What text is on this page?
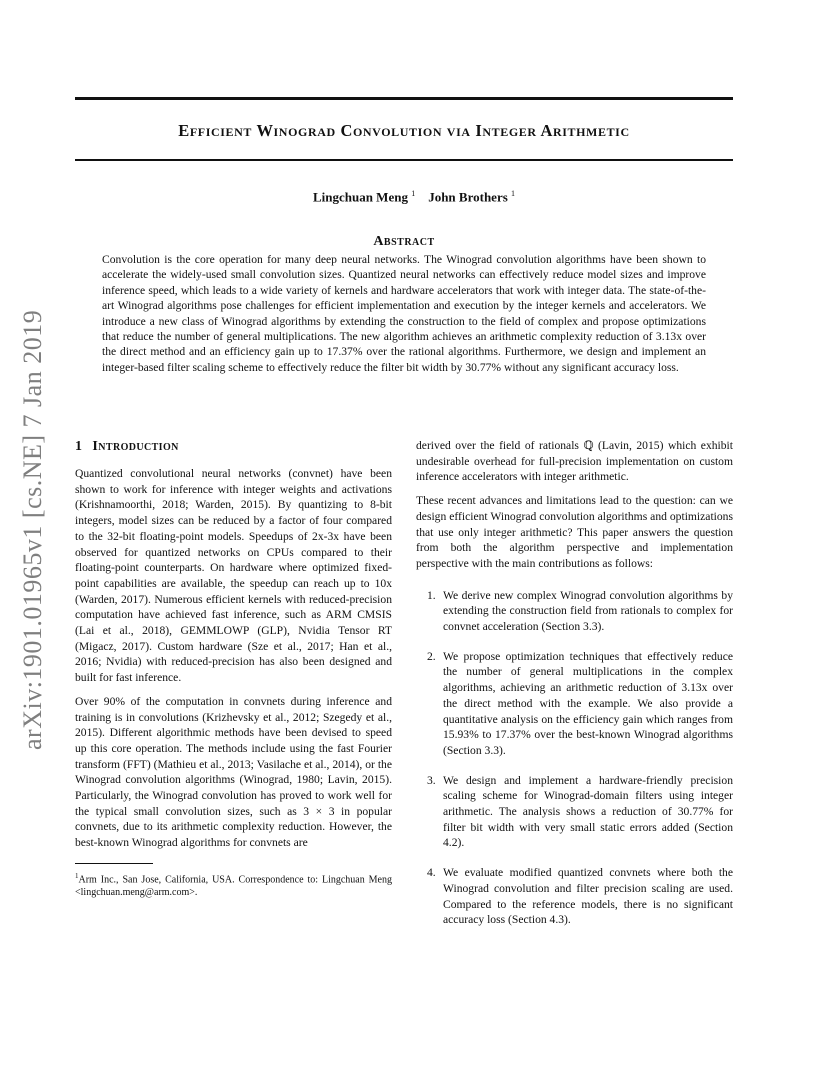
Efficient Winograd Convolution via Integer Arithmetic
Lingchuan Meng $^1$ John Brothers $^1$
Abstract

Convolution is the core operation for many deep neural networks. The Winograd convolution algorithms have been shown to accelerate the widely-used small convolution sizes. Quantized neural networks can effectively reduce model sizes and improve inference speed, which leads to a wide variety of kernels and hardware accelerators that work with integer data. The state-of-the-art Winograd algorithms pose challenges for efficient implementation and execution by the integer kernels and accelerators. We introduce a new class of Winograd algorithms by extending the construction to the field of complex and propose optimizations that reduce the number of general multiplications. The new algorithm achieves an arithmetic complexity reduction of 3.13x over the direct method and an efficiency gain up to 17.37% over the rational algorithms. Furthermore, we design and implement an integer-based filter scaling scheme to effectively reduce the filter bit width by 30.77% without any significant accuracy loss.

arXiv:1901.01965v1 [cs.NE] 7 Jan 2019 1 Introduction

Quantized convolutional neural networks (convnet) have been shown to work for inference with integer weights and activations (Krishnamoorthi, 2018; Warden, 2015). By quantizing to 8-bit integers, model sizes can be reduced by a factor of four compared to the 32-bit floating-point models. Speedups of 2x-3x have been observed for quantized networks on CPUs compared to their floating-point counterparts. On hardware where optimized fixed-point capabilities are available, the speedup can reach up to 10x (Warden, 2017). Numerous efficient kernels with reduced-precision computation have achieved fast inference, such as ARM CMSIS (Lai et al., 2018), GEMMLOWP (GLP), Nvidia Tensor RT (Migacz, 2017). Custom hardware (Sze et al., 2017; Han et al., 2016; Nvidia) with reduced-precision has also been designed and built for fast inference.

Over 90% of the computation in convnets during inference and training is in convolutions (Krizhevsky et al., 2012; Szegedy et al., 2015). Different algorithmic methods have been devised to speed up this core operation. The methods include using the fast Fourier transform (FFT) (Mathieu et al., 2013; Vasilache et al., 2014), or the Winograd convolution algorithms (Winograd, 1980; Lavin, 2015). Particularly, the Winograd convolution has proved to work well for the typical small convolution sizes, such as 3 × 3 in popular convnets, due to its arithmetic complexity reduction. However, the best-known Winograd algorithms for convnets are

$^1$Arm Inc., San Jose, California, USA. Correspondence to: Lingchuan Meng <lingchuan.meng@arm.com>.

derived over the field of rationals ℚ (Lavin, 2015) which exhibit undesirable overhead for full-precision implementation on custom inference accelerators with integer arithmetic.

These recent advances and limitations lead to the question: can we design efficient Winograd convolution algorithms and optimizations that use only integer arithmetic? This paper answers the question from both the algorithm perspective and implementation perspective with the main contributions as follows:

1. We derive new complex Winograd convolution algorithms by extending the construction field from rationals to complex for convnet acceleration (Section 3.3).
2. We propose optimization techniques that effectively reduce the number of general multiplications in the complex algorithms, achieving an arithmetic reduction of 3.13x over the direct method with the example. We also provide a quantitative analysis on the efficiency gain which ranges from 15.93% to 17.37% over the best-known Winograd algorithms (Section 3.3).
3. We design and implement a hardware-friendly precision scaling scheme for Winograd-domain filters using integer arithmetic. The analysis shows a reduction of 30.77% for filter bit width with very small static errors added (Section 4.2).
4. We evaluate modified quantized convnets where both the Winograd convolution and filter precision scaling are used. Compared to the reference models, there is no significant accuracy loss (Section 4.3).
